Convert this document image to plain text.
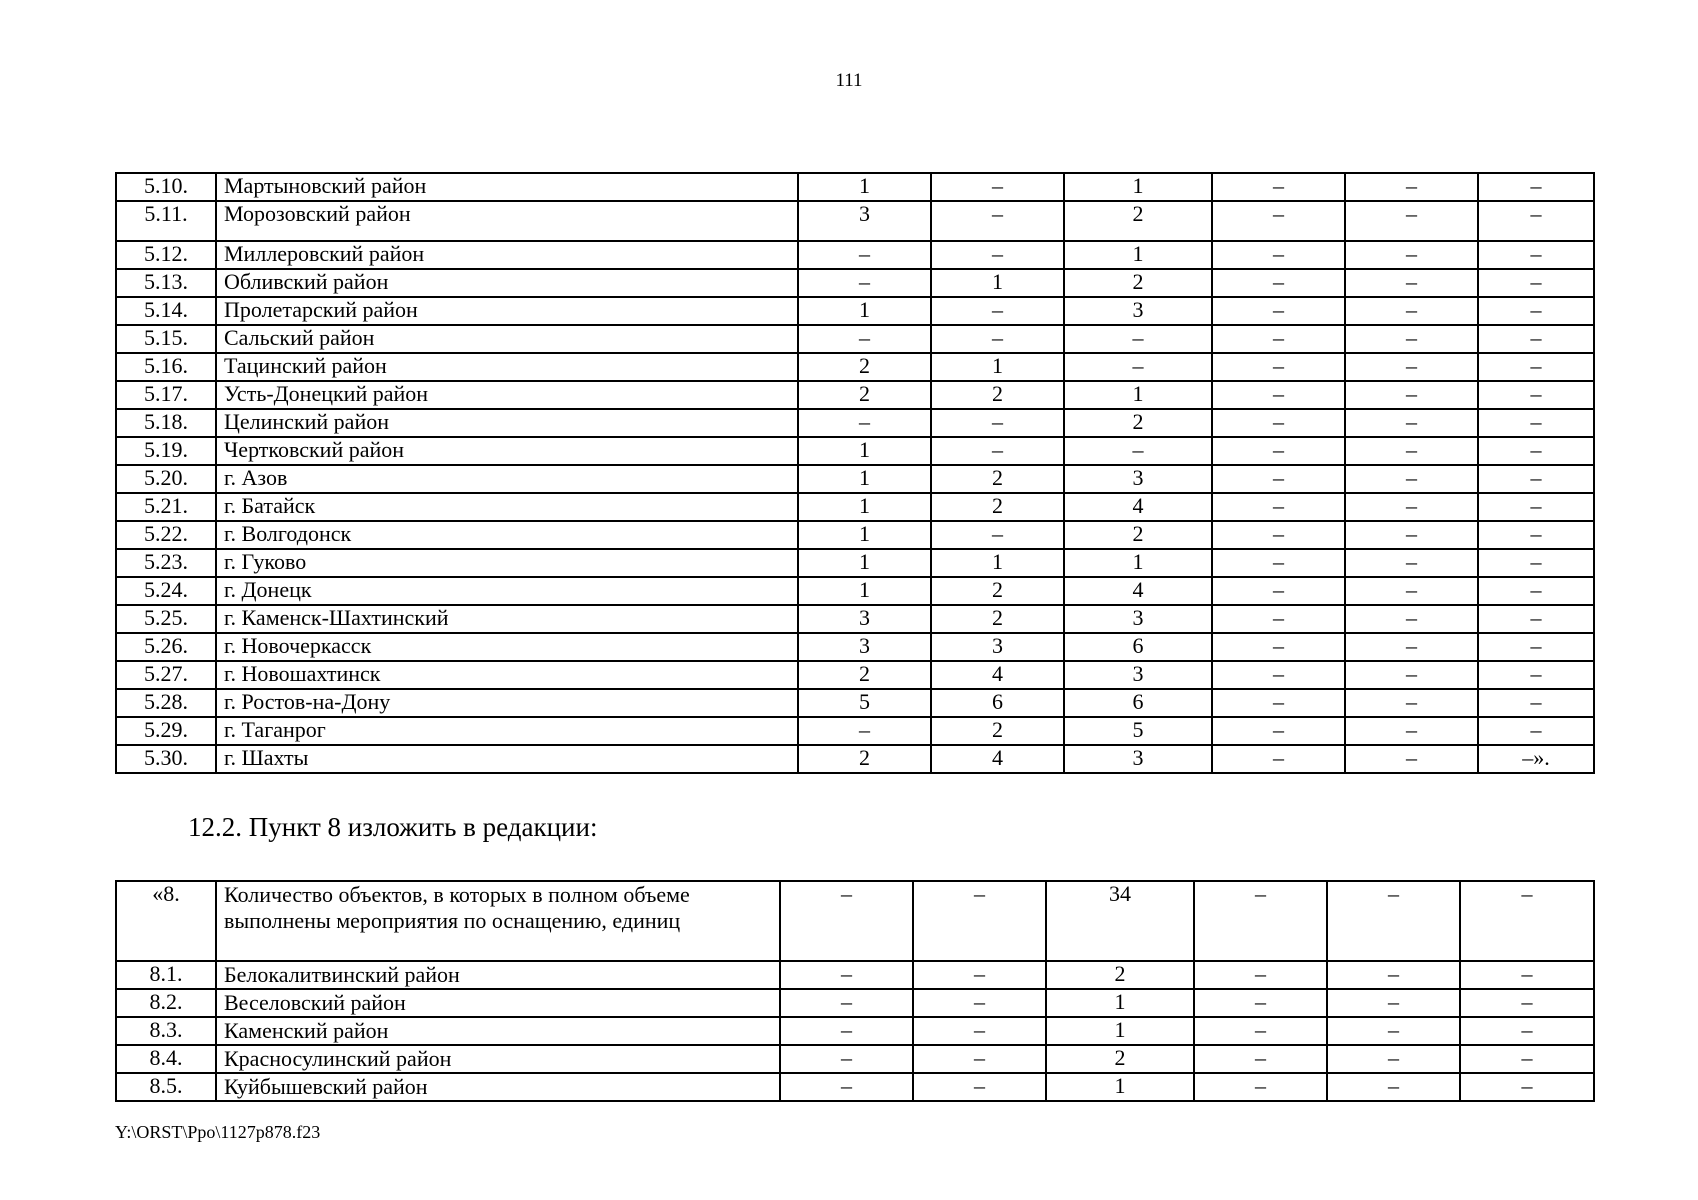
111
5.10.	Мартыновский район	1	–	1	–	–	–
5.11.	Морозовский район	3	–	2	–	–	–
5.12.	Миллеровский район	–	–	1	–	–	–
5.13.	Обливский район	–	1	2	–	–	–
5.14.	Пролетарский район	1	–	3	–	–	–
5.15.	Сальский район	–	–	–	–	–	–
5.16.	Тацинский район	2	1	–	–	–	–
5.17.	Усть-Донецкий район	2	2	1	–	–	–
5.18.	Целинский район	–	–	2	–	–	–
5.19.	Чертковский район	1	–	–	–	–	–
5.20.	г. Азов	1	2	3	–	–	–
5.21.	г. Батайск	1	2	4	–	–	–
5.22.	г. Волгодонск	1	–	2	–	–	–
5.23.	г. Гуково	1	1	1	–	–	–
5.24.	г. Донецк	1	2	4	–	–	–
5.25.	г. Каменск-Шахтинский	3	2	3	–	–	–
5.26.	г. Новочеркасск	3	3	6	–	–	–
5.27.	г. Новошахтинск	2	4	3	–	–	–
5.28.	г. Ростов-на-Дону	5	6	6	–	–	–
5.29.	г. Таганрог	–	2	5	–	–	–
5.30.	г. Шахты	2	4	3	–	–	–».
12.2. Пункт 8 изложить в редакции:
«8.	Количество объектов, в которых в полном объеме выполнены мероприятия по оснащению, единиц	–	–	34	–	–	–
8.1.	Белокалитвинский район	–	–	2	–	–	–
8.2.	Веселовский район	–	–	1	–	–	–
8.3.	Каменский район	–	–	1	–	–	–
8.4.	Красносулинский район	–	–	2	–	–	–
8.5.	Куйбышевский район	–	–	1	–	–	–
Y:\ORST\Ppo\1127p878.f23
